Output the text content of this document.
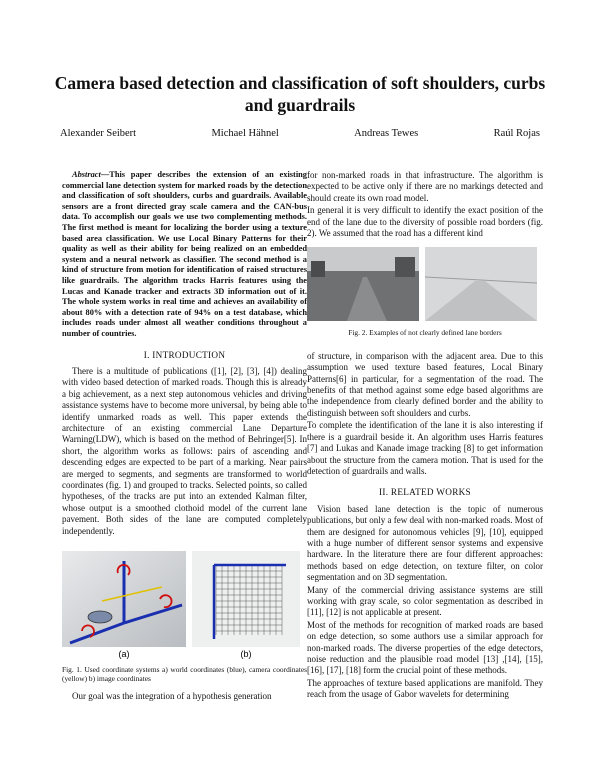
Camera based detection and classification of soft shoulders, curbs and guardrails
Alexander Seibert	Michael Hähnel	Andreas Tewes	Raúl Rojas

Abstract—This paper describes the extension of an existing commercial lane detection system for marked roads by the detection and classification of soft shoulders, curbs and guardrails. Available sensors are a front directed gray scale camera and the CAN-bus data. To accomplish our goals we use two complementing methods. The first method is meant for localizing the border using a texture based area classification. We use Local Binary Patterns for their quality as well as their ability for being realized on an embedded system and a neural network as classifier. The second method is a kind of structure from motion for identification of raised structures like guardrails. The algorithm tracks Harris features using the Lucas and Kanade tracker and extracts 3D information out of it. The whole system works in real time and achieves an availability of about 80% with a detection rate of 94% on a test database, which includes roads under almost all weather conditions throughout a number of countries.

I. INTRODUCTION

There is a multitude of publications ([1], [2], [3], [4]) dealing with video based detection of marked roads. Though this is already a big achievement, as a next step autonomous vehicles and driving assistance systems have to become more universal, by being able to identify unmarked roads as well. This paper extends the architecture of an existing commercial Lane Departure Warning(LDW), which is based on the method of Behringer[5]. In short, the algorithm works as follows: pairs of ascending and descending edges are expected to be part of a marking. Near pairs are merged to segments, and segments are transformed to world coordinates (fig. 1) and grouped to tracks. Selected points, so called hypotheses, of the tracks are put into an extended Kalman filter, whose output is a smoothed clothoid model of the current lane pavement. Both sides of the lane are computed completely independently.

(a)	(b)
Fig. 1. Used coordinate systems a) world coordinates (blue), camera coordinates (yellow) b) image coordinates

Our goal was the integration of a hypothesis generation

for non-marked roads in that infrastructure. The algorithm is expected to be active only if there are no markings detected and should create its own road model.

In general it is very difficult to identify the exact position of the end of the lane due to the diversity of possible road borders (fig. 2). We assumed that the road has a different kind

Fig. 2. Examples of not clearly defined lane borders

of structure, in comparison with the adjacent area. Due to this assumption we used texture based features, Local Binary Patterns[6] in particular, for a segmentation of the road. The benefits of that method against some edge based algorithms are the independence from clearly defined border and the ability to distinguish between soft shoulders and curbs.

To complete the identification of the lane it is also interesting if there is a guardrail beside it. An algorithm uses Harris features [7] and Lukas and Kanade image tracking [8] to get information about the structure from the camera motion. That is used for the detection of guardrails and walls.

II. RELATED WORKS

Vision based lane detection is the topic of numerous publications, but only a few deal with non-marked roads. Most of them are designed for autonomous vehicles [9], [10], equipped with a huge number of different sensor systems and expensive hardware. In the literature there are four different approaches: methods based on edge detection, on texture filter, on color segmentation and on 3D segmentation.

Many of the commercial driving assistance systems are still working with gray scale, so color segmentation as described in [11], [12] is not applicable at present.

Most of the methods for recognition of marked roads are based on edge detection, so some authors use a similar approach for non-marked roads. The diverse properties of the edge detectors, noise reduction and the plausible road model [13] ,[14], [15], [16], [17], [18] form the crucial point of these methods.

The approaches of texture based applications are manifold. They reach from the usage of Gabor wavelets for determining
